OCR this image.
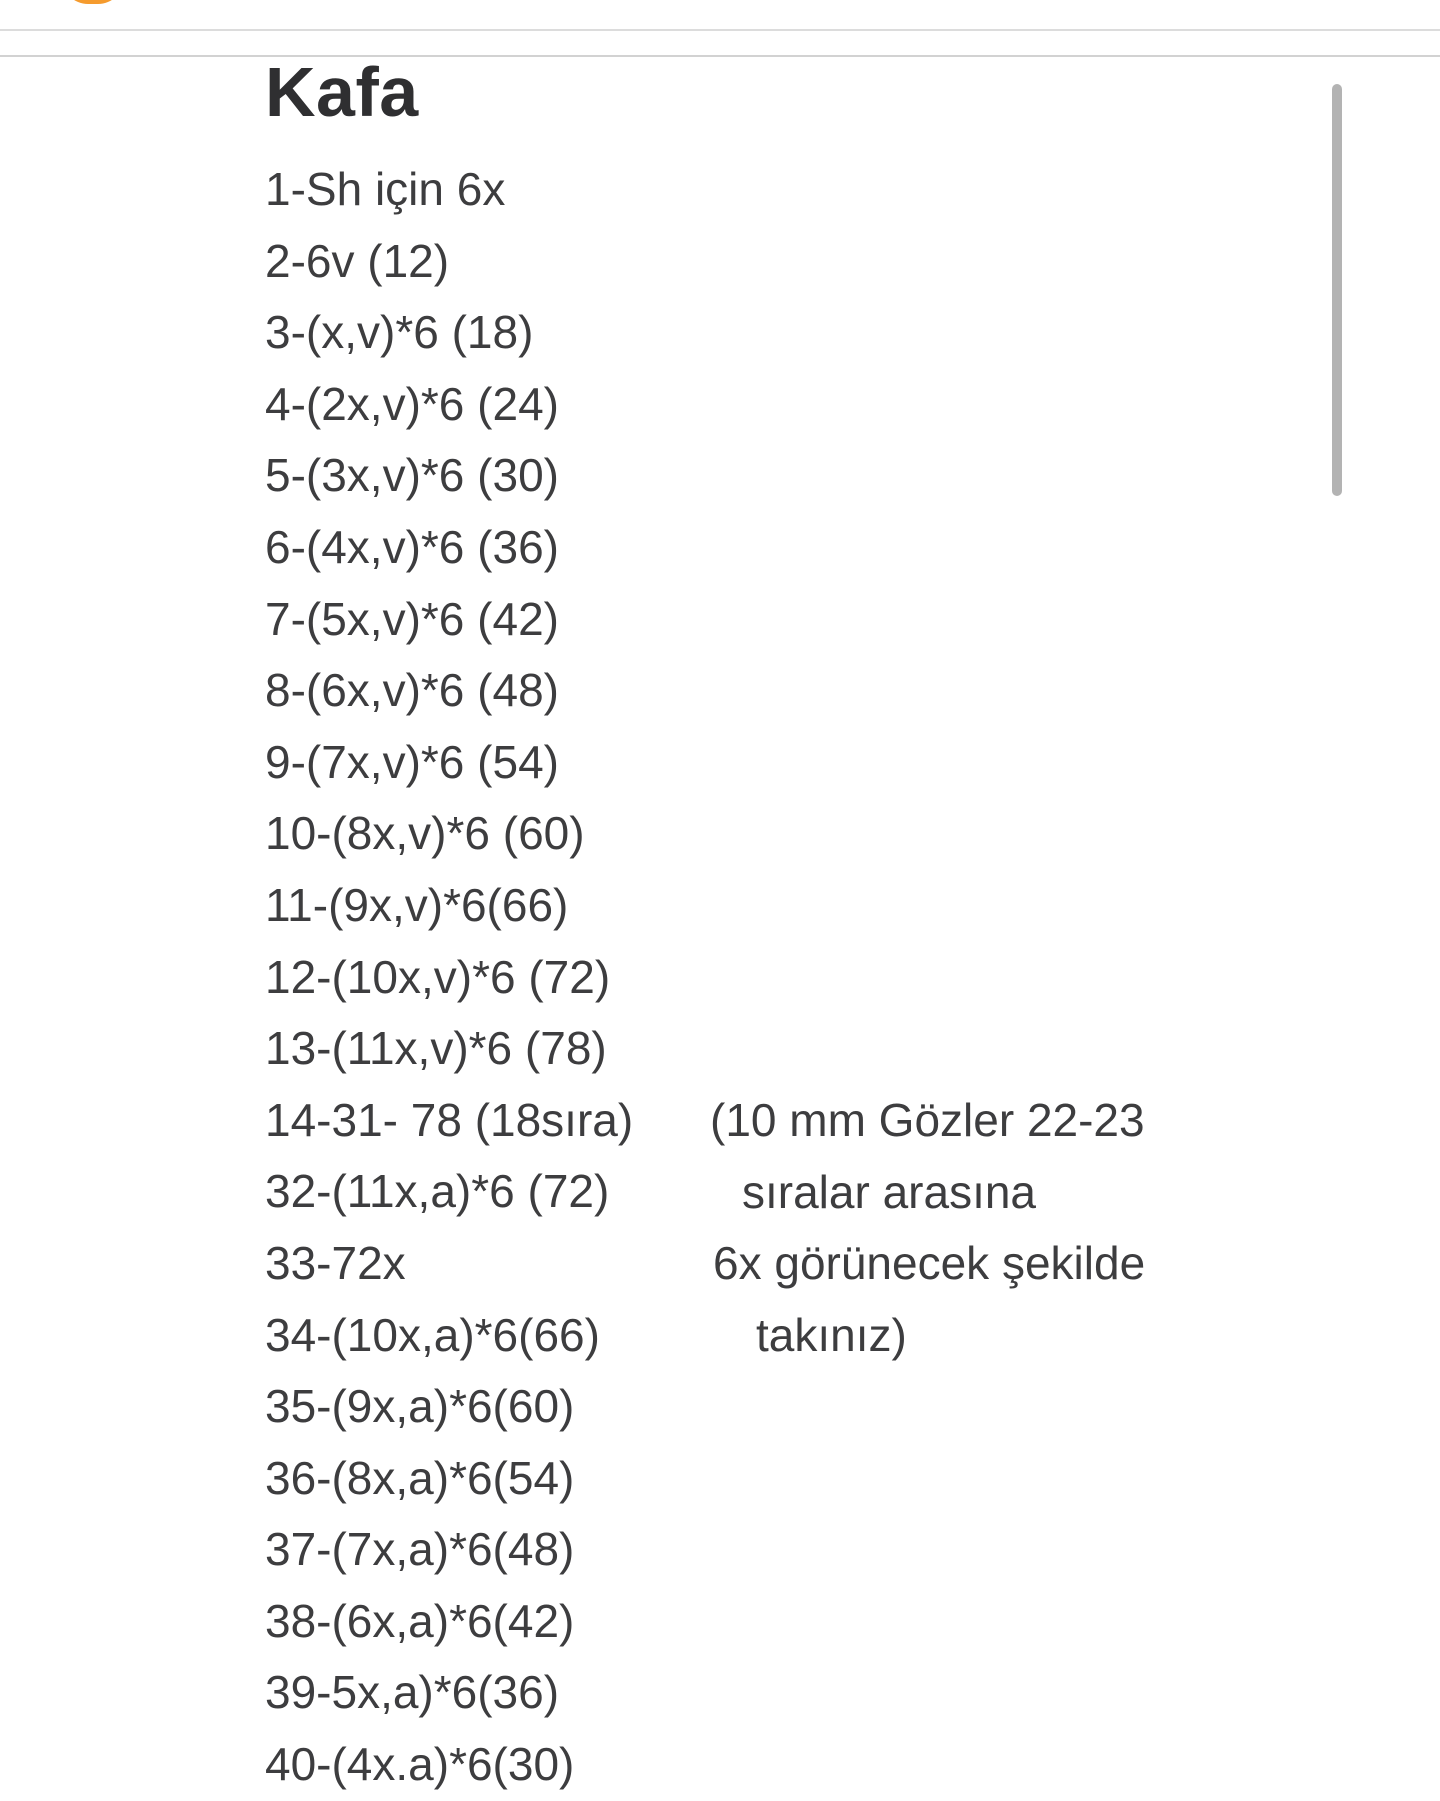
Kafa
1-Sh için 6x
2-6v (12)
3-(x,v)*6 (18)
4-(2x,v)*6 (24)
5-(3x,v)*6 (30)
6-(4x,v)*6 (36)
7-(5x,v)*6 (42)
8-(6x,v)*6 (48)
9-(7x,v)*6 (54)
10-(8x,v)*6 (60)
11-(9x,v)*6(66)
12-(10x,v)*6 (72)
13-(11x,v)*6 (78)
14-31- 78 (18sıra)
32-(11x,a)*6 (72)
33-72x
34-(10x,a)*6(66)
35-(9x,a)*6(60)
36-(8x,a)*6(54)
37-(7x,a)*6(48)
38-(6x,a)*6(42)
39-5x,a)*6(36)
40-(4x.a)*6(30)
(10 mm Gözler 22-23
sıralar arasına
6x görünecek şekilde
takınız)
